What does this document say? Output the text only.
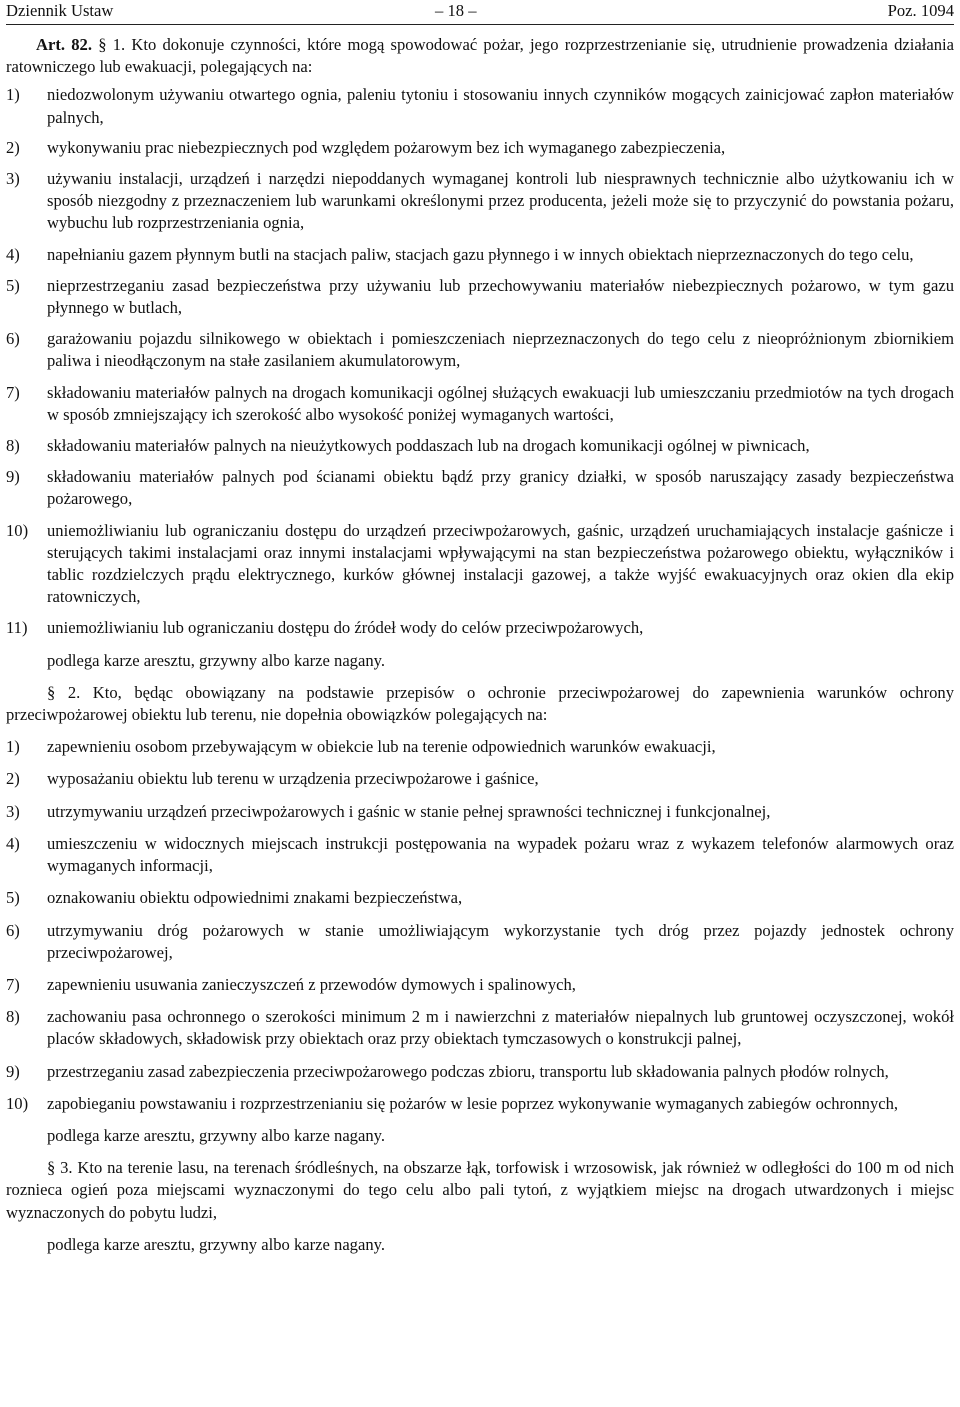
Dziennik Ustaw	– 18 –	Poz. 1094

Art. 82. § 1. Kto dokonuje czynności, które mogą spowodować pożar, jego rozprzestrzenianie się, utrudnienie prowadzenia działania ratowniczego lub ewakuacji, polegających na:

1) niedozwolonym używaniu otwartego ognia, paleniu tytoniu i stosowaniu innych czynników mogących zainicjować zapłon materiałów palnych,
2) wykonywaniu prac niebezpiecznych pod względem pożarowym bez ich wymaganego zabezpieczenia,
3) używaniu instalacji, urządzeń i narzędzi niepoddanych wymaganej kontroli lub niesprawnych technicznie albo użytkowaniu ich w sposób niezgodny z przeznaczeniem lub warunkami określonymi przez producenta, jeżeli może się to przyczynić do powstania pożaru, wybuchu lub rozprzestrzeniania ognia,
4) napełnianiu gazem płynnym butli na stacjach paliw, stacjach gazu płynnego i w innych obiektach nieprzeznaczonych do tego celu,
5) nieprzestrzeganiu zasad bezpieczeństwa przy używaniu lub przechowywaniu materiałów niebezpiecznych pożarowo, w tym gazu płynnego w butlach,
6) garażowaniu pojazdu silnikowego w obiektach i pomieszczeniach nieprzeznaczonych do tego celu z nieopróżnionym zbiornikiem paliwa i nieodłączonym na stałe zasilaniem akumulatorowym,
7) składowaniu materiałów palnych na drogach komunikacji ogólnej służących ewakuacji lub umieszczaniu przedmiotów na tych drogach w sposób zmniejszający ich szerokość albo wysokość poniżej wymaganych wartości,
8) składowaniu materiałów palnych na nieużytkowych poddaszach lub na drogach komunikacji ogólnej w piwnicach,
9) składowaniu materiałów palnych pod ścianami obiektu bądź przy granicy działki, w sposób naruszający zasady bezpieczeństwa pożarowego,
10) uniemożliwianiu lub ograniczaniu dostępu do urządzeń przeciwpożarowych, gaśnic, urządzeń uruchamiających instalacje gaśnicze i sterujących takimi instalacjami oraz innymi instalacjami wpływającymi na stan bezpieczeństwa pożarowego obiektu, wyłączników i tablic rozdzielczych prądu elektrycznego, kurków głównej instalacji gazowej, a także wyjść ewakuacyjnych oraz okien dla ekip ratowniczych,
11) uniemożliwianiu lub ograniczaniu dostępu do źródeł wody do celów przeciwpożarowych,

podlega karze aresztu, grzywny albo karze nagany.

§ 2. Kto, będąc obowiązany na podstawie przepisów o ochronie przeciwpożarowej do zapewnienia warunków ochrony przeciwpożarowej obiektu lub terenu, nie dopełnia obowiązków polegających na:

1) zapewnieniu osobom przebywającym w obiekcie lub na terenie odpowiednich warunków ewakuacji,
2) wyposażaniu obiektu lub terenu w urządzenia przeciwpożarowe i gaśnice,
3) utrzymywaniu urządzeń przeciwpożarowych i gaśnic w stanie pełnej sprawności technicznej i funkcjonalnej,
4) umieszczeniu w widocznych miejscach instrukcji postępowania na wypadek pożaru wraz z wykazem telefonów alarmowych oraz wymaganych informacji,
5) oznakowaniu obiektu odpowiednimi znakami bezpieczeństwa,
6) utrzymywaniu dróg pożarowych w stanie umożliwiającym wykorzystanie tych dróg przez pojazdy jednostek ochrony przeciwpożarowej,
7) zapewnieniu usuwania zanieczyszczeń z przewodów dymowych i spalinowych,
8) zachowaniu pasa ochronnego o szerokości minimum 2 m i nawierzchni z materiałów niepalnych lub gruntowej oczyszczonej, wokół placów składowych, składowisk przy obiektach oraz przy obiektach tymczasowych o konstrukcji palnej,
9) przestrzeganiu zasad zabezpieczenia przeciwpożarowego podczas zbioru, transportu lub składowania palnych płodów rolnych,
10) zapobieganiu powstawaniu i rozprzestrzenianiu się pożarów w lesie poprzez wykonywanie wymaganych zabiegów ochronnych,

podlega karze aresztu, grzywny albo karze nagany.

§ 3. Kto na terenie lasu, na terenach śródleśnych, na obszarze łąk, torfowisk i wrzosowisk, jak również w odległości do 100 m od nich roznieca ogień poza miejscami wyznaczonymi do tego celu albo pali tytoń, z wyjątkiem miejsc na drogach utwardzonych i miejsc wyznaczonych do pobytu ludzi,

podlega karze aresztu, grzywny albo karze nagany.
